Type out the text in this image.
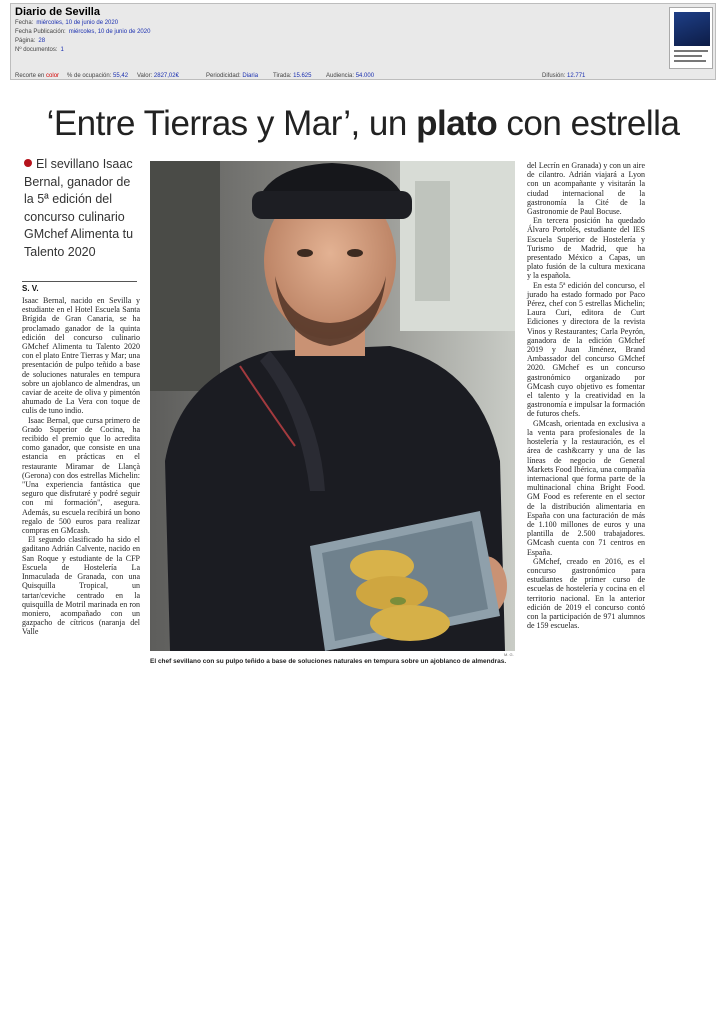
Diario de Sevilla
Fecha: miércoles, 10 de junio de 2020
Fecha Publicación: miércoles, 10 de junio de 2020
Página: 28
Nº documentos: 1
Recorte en color % de ocupación: 55,42 Valor: 2827,02€	Periodicidad: Diaria Tirada: 15.625 Audiencia: 54.000	Difusión: 12.771
‘Entre Tierras y Mar’, un plato con estrella
El sevillano Isaac Bernal, ganador de la 5ª edición del concurso culinario GMchef Alimenta tu Talento 2020
S. V.

Isaac Bernal, nacido en Sevilla y estudiante en el Hotel Escuela Santa Brígida de Gran Canaria, se ha proclamado ganador de la quinta edición del concurso culinario GMchef Alimenta tu Talento 2020 con el plato Entre Tierras y Mar; una presentación de pulpo teñido a base de soluciones naturales en tempura sobre un ajoblanco de almendras, un caviar de aceite de oliva y pimentón ahumado de La Vera con toque de culis de tuno indio.

Isaac Bernal, que cursa primero de Grado Superior de Cocina, ha recibido el premio que lo acredita como ganador, que consiste en una estancia en prácticas en el restaurante Miramar de Llançà (Gerona) con dos estrellas Michelin: "Una experiencia fantástica que seguro que disfrutaré y podré seguir con mi formación", asegura. Además, su escuela recibirá un bono regalo de 500 euros para realizar compras en GMcash.

El segundo clasificado ha sido el gaditano Adrián Calvente, nacido en San Roque y estudiante de la CFP Escuela de Hostelería La Inmaculada de Granada, con una Quisquilla Tropical, un tartar/ceviche centrado en la quisquilla de Motril marinada en ron moniero, acompañado con un gazpacho de cítricos (naranja del Valle

M. G.
El chef sevillano con su pulpo teñido a base de soluciones naturales en tempura sobre un ajoblanco de almendras.

del Lecrín en Granada) y con un aire de cilantro. Adrián viajará a Lyon con un acompañante y visitarán la ciudad internacional de la gastronomía la Cité de la Gastronomie de Paul Bocuse.

En tercera posición ha quedado Álvaro Portolés, estudiante del IES Escuela Superior de Hostelería y Turismo de Madrid, que ha presentado México a Capas, un plato fusión de la cultura mexicana y la española.

En esta 5ª edición del concurso, el jurado ha estado formado por Paco Pérez, chef con 5 estrellas Michelin; Laura Curi, editora de Curt Ediciones y directora de la revista Vinos y Restaurantes; Carla Peyrón, ganadora de la edición GMchef 2019 y Juan Jiménez, Brand Ambassador del concurso GMchef 2020. GMchef es un concurso gastronómico organizado por GMcash cuyo objetivo es fomentar el talento y la creatividad en la gastronomía e impulsar la formación de futuros chefs.

GMcash, orientada en exclusiva a la venta para profesionales de la hostelería y la restauración, es el área de cash&carry y una de las líneas de negocio de General Markets Food Ibérica, una compañía internacional que forma parte de la multinacional china Bright Food. GM Food es referente en el sector de la distribución alimentaria en España con una facturación de más de 1.100 millones de euros y una plantilla de 2.500 trabajadores. GMcash cuenta con 71 centros en España.

GMchef, creado en 2016, es el concurso gastronómico para estudiantes de primer curso de escuelas de hostelería y cocina en el territorio nacional. En la anterior edición de 2019 el concurso contó con la participación de 971 alumnos de 159 escuelas.
